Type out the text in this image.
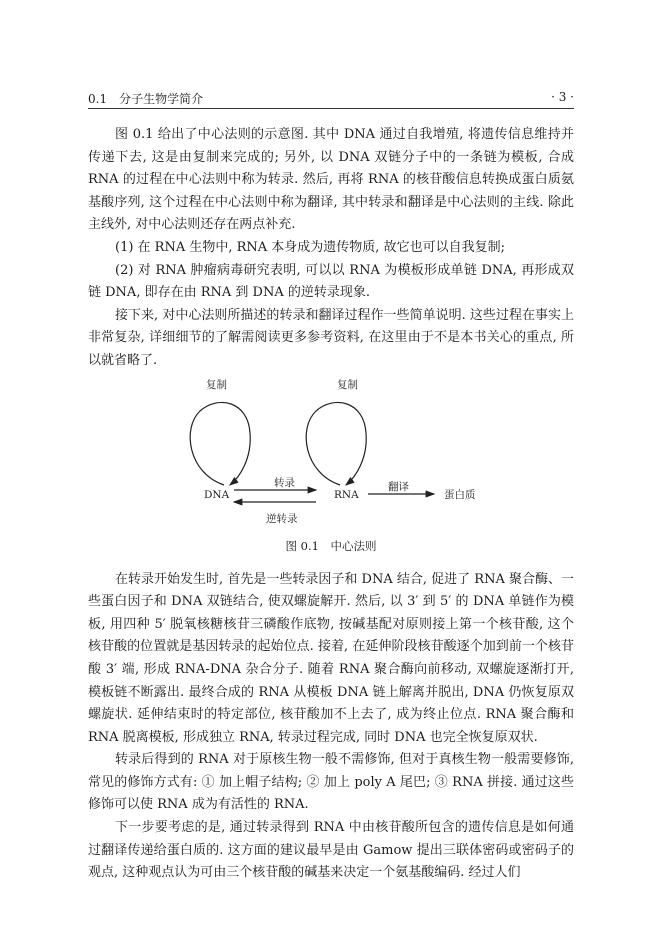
0.1　分子生物学简介	· 3 ·

图 0.1 给出了中心法则的示意图. 其中 DNA 通过自我增殖, 将遗传信息维持并传递下去, 这是由复制来完成的; 另外, 以 DNA 双链分子中的一条链为模板, 合成 RNA 的过程在中心法则中称为转录. 然后, 再将 RNA 的核苷酸信息转换成蛋白质氨基酸序列, 这个过程在中心法则中称为翻译, 其中转录和翻译是中心法则的主线. 除此主线外, 对中心法则还存在两点补充.

(1) 在 RNA 生物中, RNA 本身成为遗传物质, 故它也可以自我复制;

(2) 对 RNA 肿瘤病毒研究表明, 可以以 RNA 为模板形成单链 DNA, 再形成双链 DNA, 即存在由 RNA 到 DNA 的逆转录现象.

接下来, 对中心法则所描述的转录和翻译过程作一些简单说明. 这些过程在事实上非常复杂, 详细细节的了解需阅读更多参考资料, 在这里由于不是本书关心的重点, 所以就省略了.

复制	复制
转录
DNA	RNA
翻译
蛋白质
逆转录
图 0.1　中心法则

在转录开始发生时, 首先是一些转录因子和 DNA 结合, 促进了 RNA 聚合酶、一些蛋白因子和 DNA 双链结合, 使双螺旋解开. 然后, 以 3′ 到 5′ 的 DNA 单链作为模板, 用四种 5′ 脱氧核糖核苷三磷酸作底物, 按碱基配对原则接上第一个核苷酸, 这个核苷酸的位置就是基因转录的起始位点. 接着, 在延伸阶段核苷酸逐个加到前一个核苷酸 3′ 端, 形成 RNA-DNA 杂合分子. 随着 RNA 聚合酶向前移动, 双螺旋逐渐打开, 模板链不断露出. 最终合成的 RNA 从模板 DNA 链上解离并脱出, DNA 仍恢复原双螺旋状. 延伸结束时的特定部位, 核苷酸加不上去了, 成为终止位点. RNA 聚合酶和 RNA 脱离模板, 形成独立 RNA, 转录过程完成, 同时 DNA 也完全恢复原双状.

转录后得到的 RNA 对于原核生物一般不需修饰, 但对于真核生物一般需要修饰, 常见的修饰方式有: ① 加上帽子结构; ② 加上 poly A 尾巴; ③ RNA 拼接. 通过这些修饰可以使 RNA 成为有活性的 RNA.

下一步要考虑的是, 通过转录得到 RNA 中由核苷酸所包含的遗传信息是如何通过翻译传递给蛋白质的. 这方面的建议最早是由 Gamow 提出三联体密码或密码子的观点, 这种观点认为可由三个核苷酸的碱基来决定一个氨基酸编码. 经过人们
